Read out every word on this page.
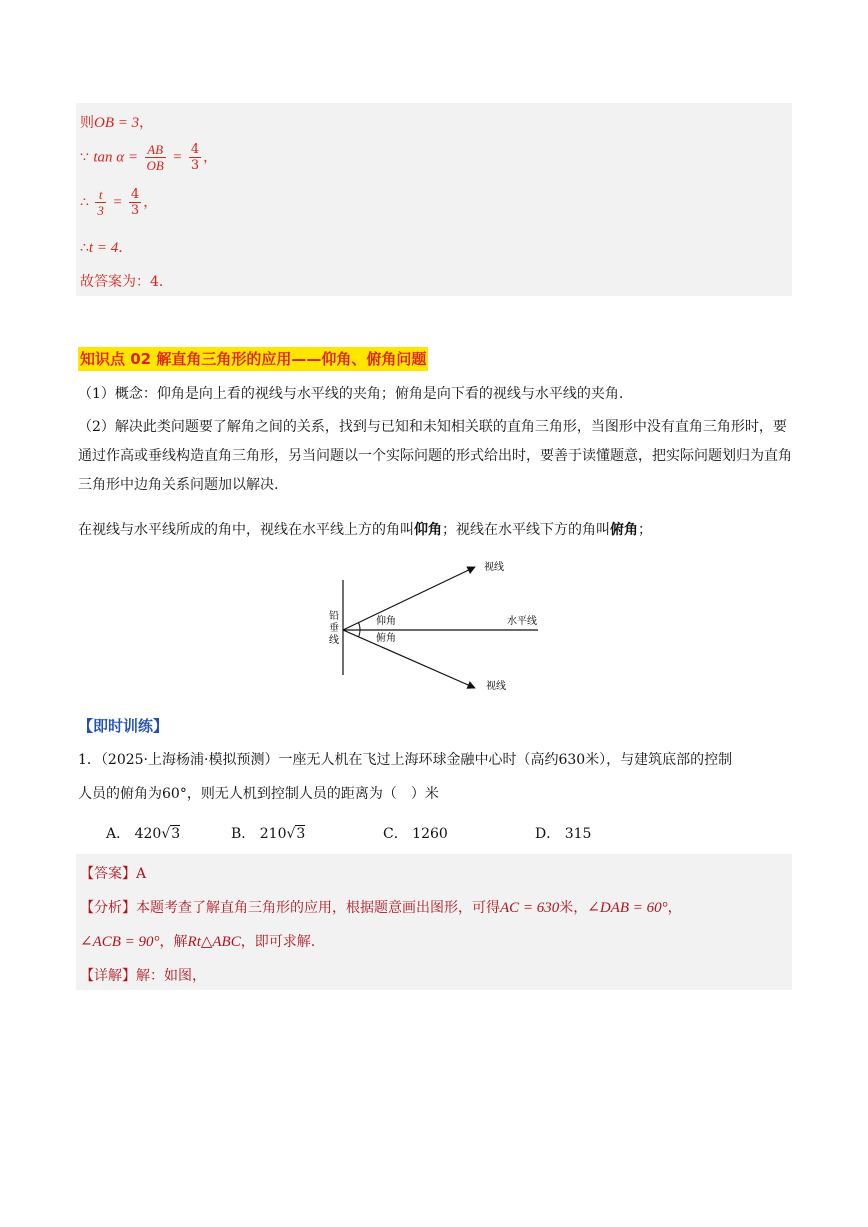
则OB = 3，
∵ $\tan \alpha = \frac{AB}{OB} = \frac{4}{3}$ ，
∴ $\frac{t}{3} = \frac{4}{3}$ ，
∴t = 4．
故答案为：4．
知识点 02 解直角三角形的应用——仰角、俯角问题
（1）概念：仰角是向上看的视线与水平线的夹角；俯角是向下看的视线与水平线的夹角.
（2）解决此类问题要了解角之间的关系，找到与已知和未知相关联的直角三角形，当图形中没有直角三角形时，要通过作高或垂线构造直角三角形，另当问题以一个实际问题的形式给出时，要善于读懂题意，把实际问题划归为直角三角形中边角关系问题加以解决.
在视线与水平线所成的角中，视线在水平线上方的角叫仰角；视线在水平线下方的角叫俯角；
铅
垂
线
视线
视线
水平线
仰角
俯角
【即时训练】
1．（2025·上海杨浦·模拟预测）一座无人机在飞过上海环球金融中心时（高约630米），与建筑底部的控制
人员的俯角为60°，则无人机到控制人员的距离为（　）米
A． 420√3	B． 210√3	C． 1260	D． 315
【答案】A
【分析】本题考查了解直角三角形的应用，根据题意画出图形，可得AC = 630米，∠DAB = 60°，
∠ACB = 90°，解Rt△ABC，即可求解.
【详解】解：如图，
